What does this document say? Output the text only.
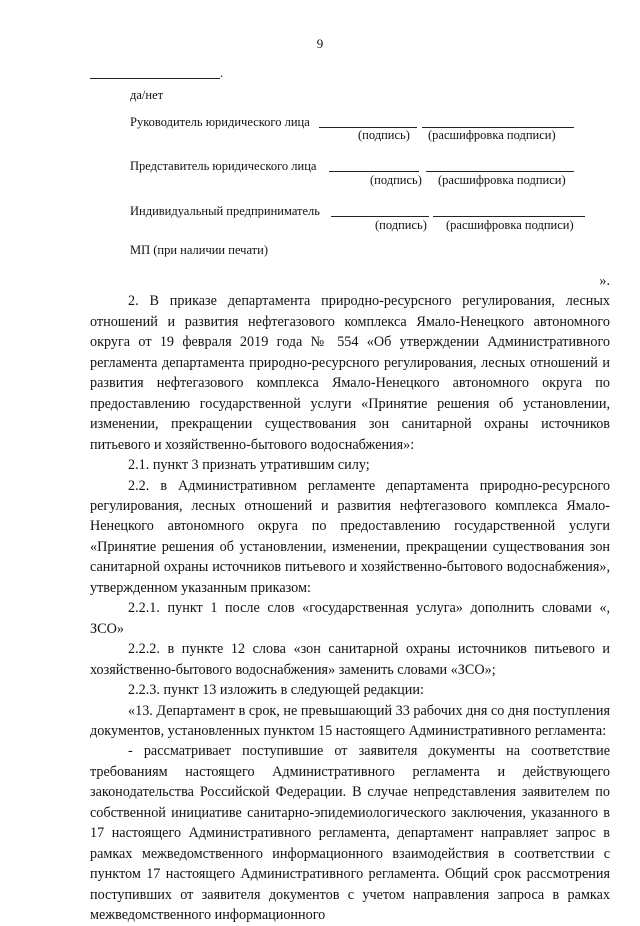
9
.
да/нет
Руководитель юридического лица
(подпись) (расшифровка подписи)
Представитель юридического лица
(подпись) (расшифровка подписи)
Индивидуальный предприниматель
(подпись) (расшифровка подписи)
МП (при наличии печати)

».

2. В приказе департамента природно-ресурсного регулирования, лесных отношений и развития нефтегазового комплекса Ямало-Ненецкого автономного округа от 19 февраля 2019 года № 554 «Об утверждении Административного регламента департамента природно-ресурсного регулирования, лесных отношений и развития нефтегазового комплекса Ямало-Ненецкого автономного округа по предоставлению государственной услуги «Принятие решения об установлении, изменении, прекращении существования зон санитарной охраны источников питьевого и хозяйственно-бытового водоснабжения»:

2.1. пункт 3 признать утратившим силу;

2.2. в Административном регламенте департамента природно-ресурсного регулирования, лесных отношений и развития нефтегазового комплекса Ямало-Ненецкого автономного округа по предоставлению государственной услуги «Принятие решения об установлении, изменении, прекращении существования зон санитарной охраны источников питьевого и хозяйственно-бытового водоснабжения», утвержденном указанным приказом:

2.2.1. пункт 1 после слов «государственная услуга» дополнить словами «, ЗСО»

2.2.2. в пункте 12 слова «зон санитарной охраны источников питьевого и хозяйственно-бытового водоснабжения» заменить словами «ЗСО»;

2.2.3. пункт 13 изложить в следующей редакции:

«13. Департамент в срок, не превышающий 33 рабочих дня со дня поступления документов, установленных пунктом 15 настоящего Административного регламента:

- рассматривает поступившие от заявителя документы на соответствие требованиям настоящего Административного регламента и действующего законодательства Российской Федерации. В случае непредставления заявителем по собственной инициативе санитарно-эпидемиологического заключения, указанного в 17 настоящего Административного регламента, департамент направляет запрос в рамках межведомственного информационного взаимодействия в соответствии с пунктом 17 настоящего Административного регламента. Общий срок рассмотрения поступивших от заявителя документов с учетом направления запроса в рамках межведомственного информационного
